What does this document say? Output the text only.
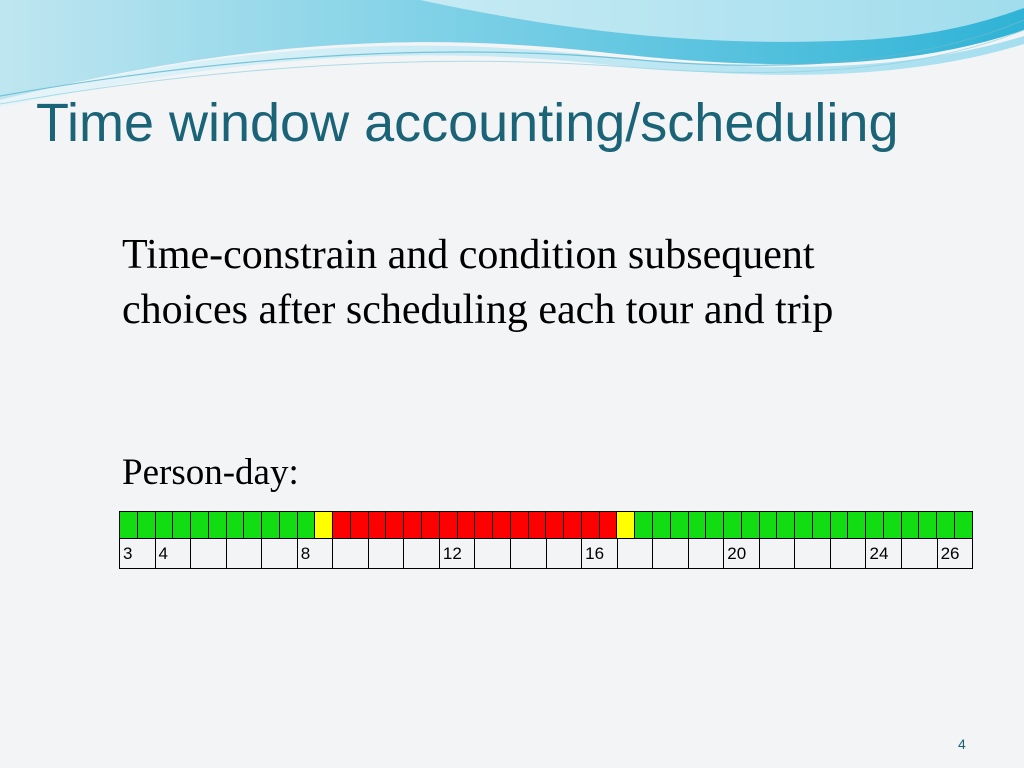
Time window accounting/scheduling

Time-constrain and condition subsequent choices after scheduling each tour and trip

Person-day:

3	4	8	12	16	20	24	26

4
